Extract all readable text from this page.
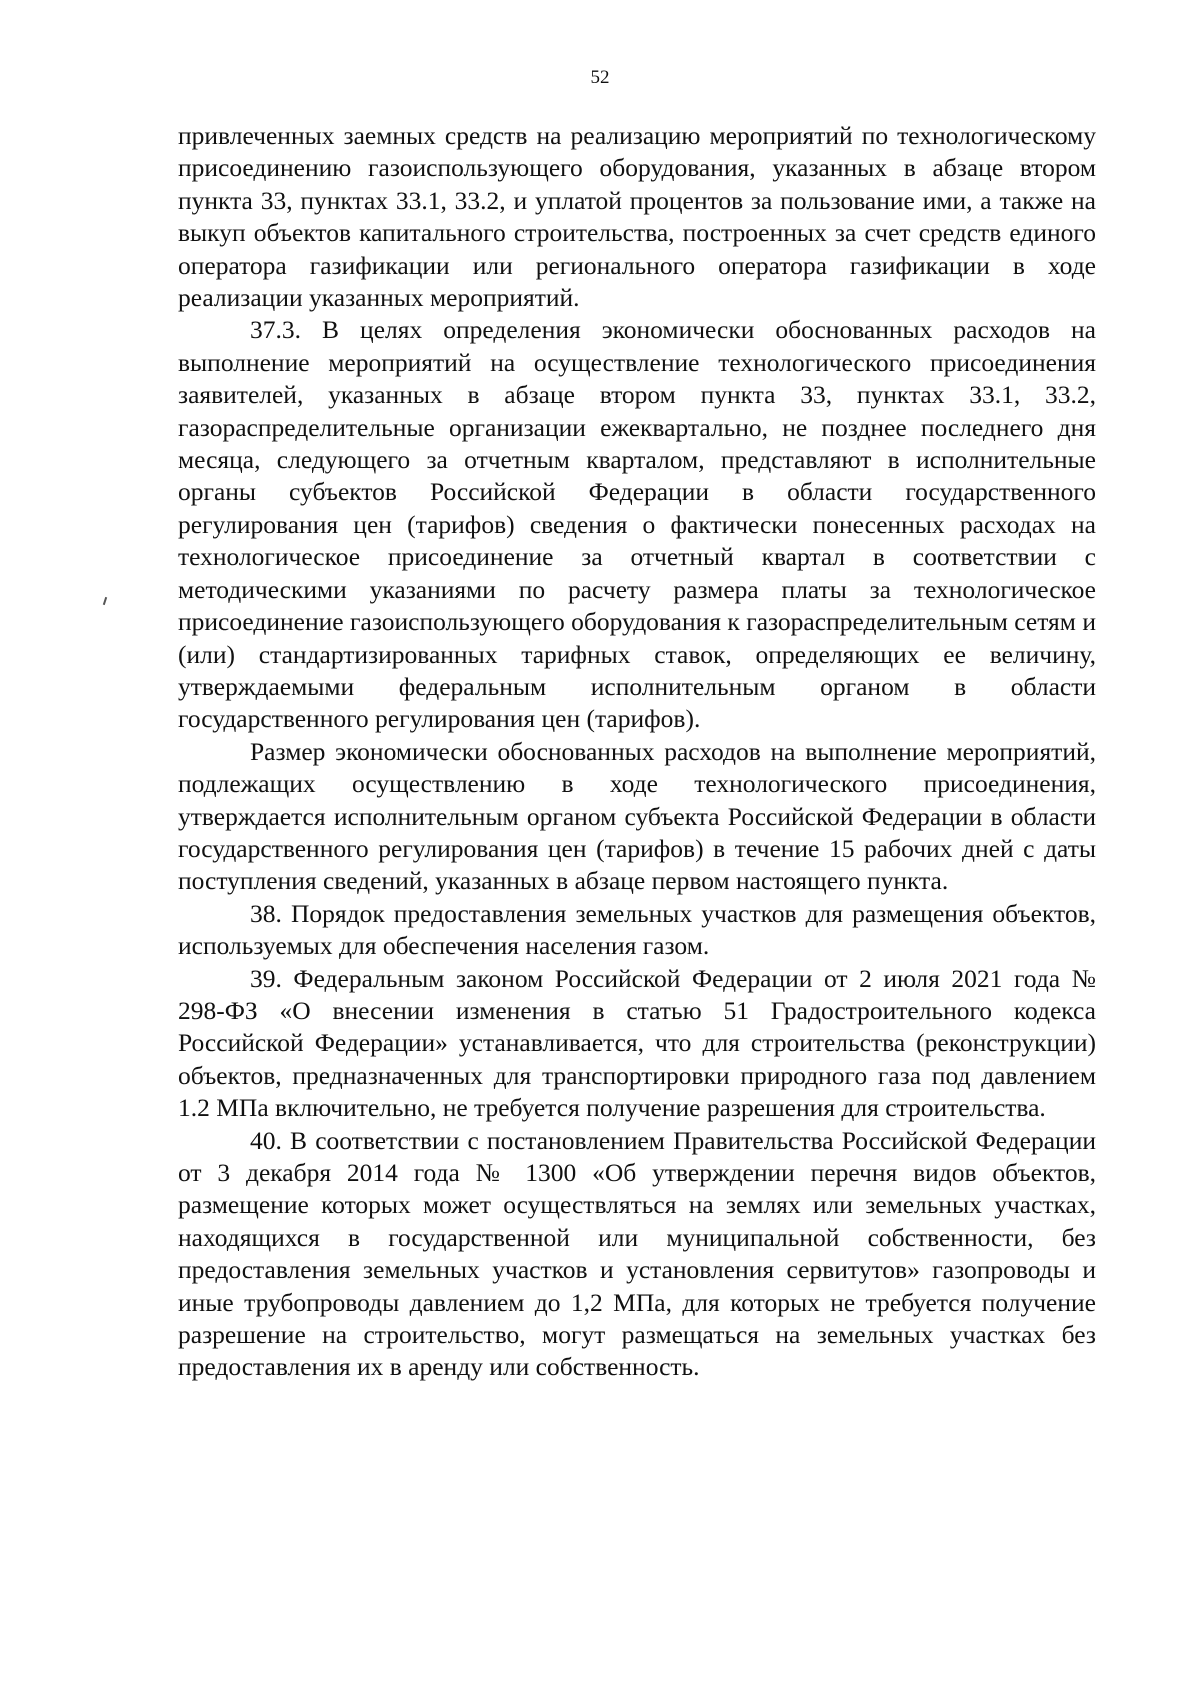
52

привлеченных заемных средств на реализацию мероприятий по технологическому присоединению газоиспользующего оборудования, указанных в абзаце втором пункта 33, пунктах 33.1, 33.2, и уплатой процентов за пользование ими, а также на выкуп объектов капитального строительства, построенных за счет средств единого оператора газификации или регионального оператора газификации в ходе реализации указанных мероприятий.

37.3. В целях определения экономически обоснованных расходов на выполнение мероприятий на осуществление технологического присоединения заявителей, указанных в абзаце втором пункта 33, пунктах 33.1, 33.2, газораспределительные организации ежеквартально, не позднее последнего дня месяца, следующего за отчетным кварталом, представляют в исполнительные органы субъектов Российской Федерации в области государственного регулирования цен (тарифов) сведения о фактически понесенных расходах на технологическое присоединение за отчетный квартал в соответствии с методическими указаниями по расчету размера платы за технологическое присоединение газоиспользующего оборудования к газораспределительным сетям и (или) стандартизированных тарифных ставок, определяющих ее величину, утверждаемыми федеральным исполнительным органом в области государственного регулирования цен (тарифов).

Размер экономически обоснованных расходов на выполнение мероприятий, подлежащих осуществлению в ходе технологического присоединения, утверждается исполнительным органом субъекта Российской Федерации в области государственного регулирования цен (тарифов) в течение 15 рабочих дней с даты поступления сведений, указанных в абзаце первом настоящего пункта.

38. Порядок предоставления земельных участков для размещения объектов, используемых для обеспечения населения газом.

39. Федеральным законом Российской Федерации от 2 июля 2021 года № 298-ФЗ «О внесении изменения в статью 51 Градостроительного кодекса Российской Федерации» устанавливается, что для строительства (реконструкции) объектов, предназначенных для транспортировки природного газа под давлением 1.2 МПа включительно, не требуется получение разрешения для строительства.

40. В соответствии с постановлением Правительства Российской Федерации от 3 декабря 2014 года № 1300 «Об утверждении перечня видов объектов, размещение которых может осуществляться на землях или земельных участках, находящихся в государственной или муниципальной собственности, без предоставления земельных участков и установления сервитутов» газопроводы и иные трубопроводы давлением до 1,2 МПа, для которых не требуется получение разрешение на строительство, могут размещаться на земельных участках без предоставления их в аренду или собственность.
